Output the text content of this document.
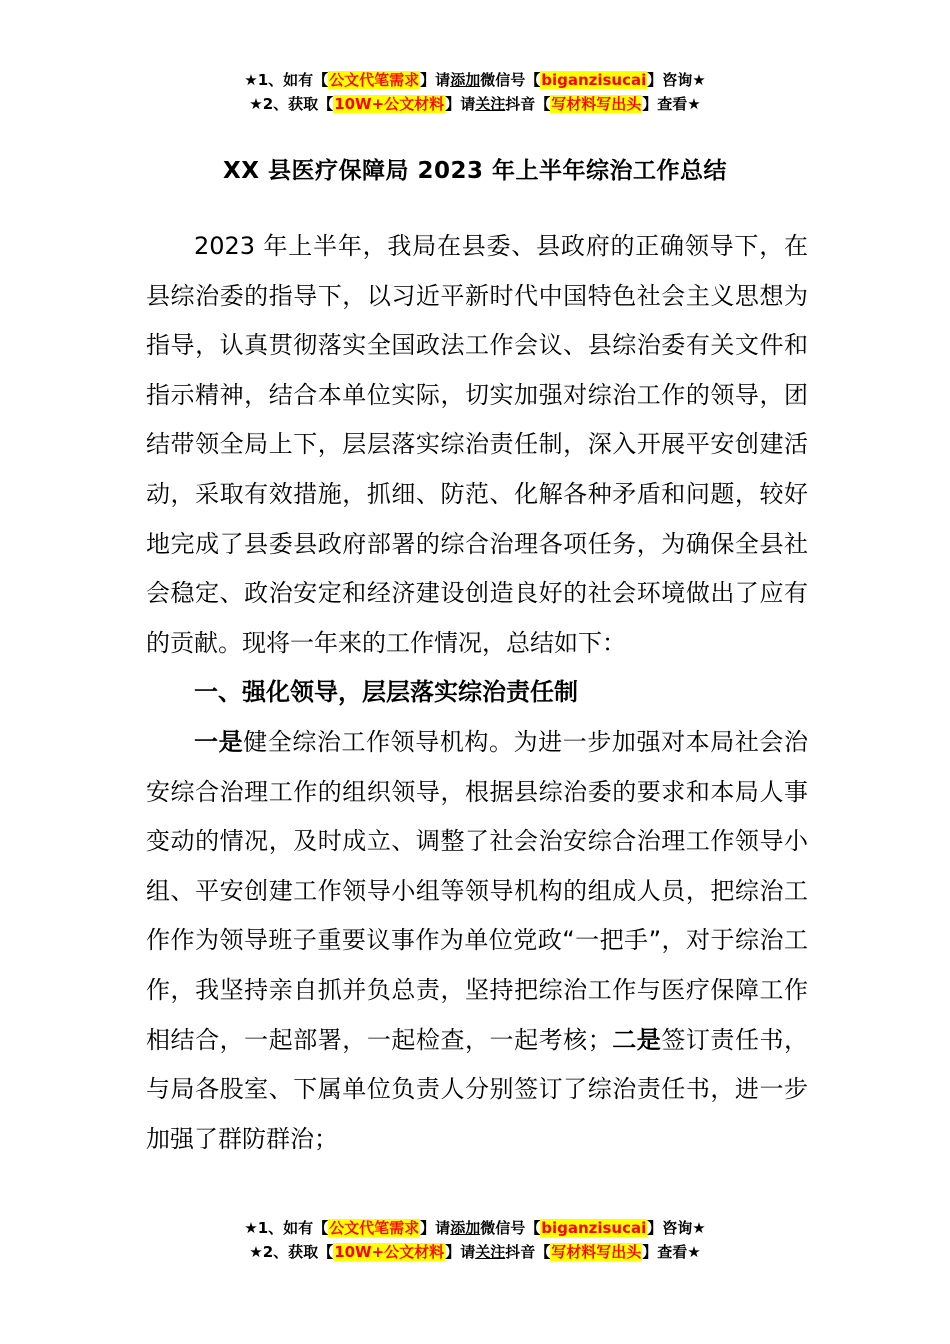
★1、如有【公文代笔需求】请添加微信号【biganzisucai】咨询★
★2、获取【10W+公文材料】请关注抖音【写材料写出头】查看★
XX 县医疗保障局 2023 年上半年综治工作总结

2023 年上半年，我局在县委、县政府的正确领导下，在县综治委的指导下，以习近平新时代中国特色社会主义思想为指导，认真贯彻落实全国政法工作会议、县综治委有关文件和指示精神，结合本单位实际，切实加强对综治工作的领导，团结带领全局上下，层层落实综治责任制，深入开展平安创建活动，采取有效措施，抓细、防范、化解各种矛盾和问题，较好地完成了县委县政府部署的综合治理各项任务，为确保全县社会稳定、政治安定和经济建设创造良好的社会环境做出了应有的贡献。现将一年来的工作情况，总结如下：

一、强化领导，层层落实综治责任制

一是健全综治工作领导机构。为进一步加强对本局社会治安综合治理工作的组织领导，根据县综治委的要求和本局人事变动的情况，及时成立、调整了社会治安综合治理工作领导小组、平安创建工作领导小组等领导机构的组成人员，把综治工作作为领导班子重要议事作为单位党政“一把手”，对于综治工作，我坚持亲自抓并负总责，坚持把综治工作与医疗保障工作相结合，一起部署，一起检查，一起考核；二是签订责任书，与局各股室、下属单位负责人分别签订了综治责任书，进一步加强了群防群治；

★1、如有【公文代笔需求】请添加微信号【biganzisucai】咨询★
★2、获取【10W+公文材料】请关注抖音【写材料写出头】查看★
